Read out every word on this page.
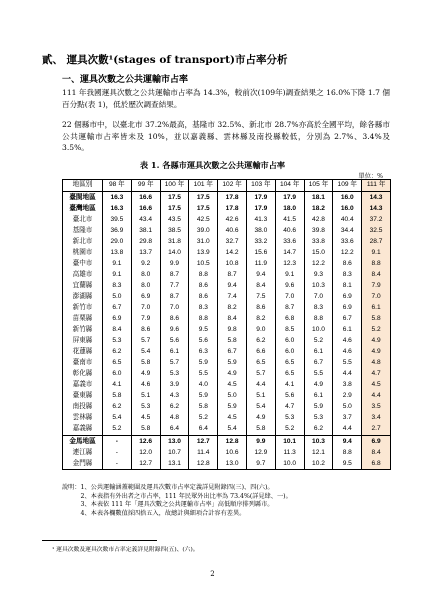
貳、 運具次數¹(stages of transport)市占率分析
一、運具次數之公共運輸市占率
111 年我國運具次數之公共運輸市占率為 14.3%，較前次(109年)調查結果之 16.0%下降 1.7 個百分點(表 1)，低於歷次調查結果。
22 個縣市中，以臺北市 37.2%最高，基隆市 32.5%、新北市 28.7%亦高於全國平均，餘各縣市公共運輸市占率皆未及 10%，並以嘉義縣、雲林縣及南投縣較低，分別為 2.7%、3.4%及 3.5%。
表 1. 各縣市運具次數之公共運輸市占率
單位：%
地區別	98 年	99 年	100 年	101 年	102 年	103 年	104 年	105 年	109 年	111 年
臺閩地區	16.3	16.6	17.5	17.5	17.8	17.9	17.9	18.1	16.0	14.3
臺灣地區	16.3	16.6	17.5	17.5	17.8	17.9	18.0	18.2	16.0	14.3
臺北市	39.5	43.4	43.5	42.5	42.6	41.3	41.5	42.8	40.4	37.2
基隆市	36.9	38.1	38.5	39.0	40.6	38.0	40.6	39.8	34.4	32.5
新北市	29.0	29.8	31.8	31.0	32.7	33.2	33.6	33.8	33.6	28.7
桃園市	13.8	13.7	14.0	13.9	14.2	15.6	14.7	15.0	12.2	9.1
臺中市	9.1	9.2	9.9	10.5	10.8	11.9	12.3	12.2	8.6	8.8
高雄市	9.1	8.0	8.7	8.8	8.7	9.4	9.1	9.3	8.3	8.4
宜蘭縣	8.3	8.0	7.7	8.6	9.4	8.4	9.6	10.3	8.1	7.9
澎湖縣	5.0	6.9	8.7	8.6	7.4	7.5	7.0	7.0	6.9	7.0
新竹市	6.7	7.0	7.0	8.3	8.2	8.6	8.7	8.3	6.9	6.1
苗栗縣	6.9	7.9	8.6	8.8	8.4	8.2	6.8	8.8	6.7	5.8
新竹縣	8.4	8.6	9.6	9.5	9.8	9.0	8.5	10.0	6.1	5.2
屏東縣	5.3	5.7	5.6	5.6	5.8	6.2	6.0	5.2	4.6	4.9
花蓮縣	6.2	5.4	6.1	6.3	6.7	6.6	6.0	6.1	4.6	4.9
臺南市	6.5	5.8	5.7	5.9	5.9	6.5	6.5	6.7	5.5	4.8
彰化縣	6.0	4.9	5.3	5.5	4.9	5.7	6.5	5.5	4.4	4.7
嘉義市	4.1	4.6	3.9	4.0	4.5	4.4	4.1	4.9	3.8	4.5
臺東縣	5.8	5.1	4.3	5.9	5.0	5.1	5.6	6.1	2.9	4.4
南投縣	6.2	5.3	6.2	5.8	5.9	5.4	4.7	5.9	5.0	3.5
雲林縣	5.4	4.5	4.8	5.2	4.5	4.9	5.3	5.3	3.7	3.4
嘉義縣	5.2	5.8	6.4	6.4	5.4	5.8	5.2	6.2	4.4	2.7
金馬地區	-	12.6	13.0	12.7	12.8	9.9	10.1	10.3	9.4	6.9
連江縣	-	12.0	10.7	11.4	10.6	12.9	11.3	12.1	8.8	8.4
金門縣	-	12.7	13.1	12.8	13.0	9.7	10.0	10.2	9.5	6.8
說明：1、公共運輸涵蓋範圍及運具次數市占率定義詳見附錄四(三)、四(六)。
　　　2、本表指有外出者之市占率，111 年民眾外出比率為 73.4%(詳見肆、一)。
　　　3、本表依 111 年「運具次數之公共運輸市占率」高低順序排列縣市。
　　　4、本表各欄數值採四捨五入，故總計與細項合計容有差異。
¹ 運具次數及運具次數市占率定義詳見附錄四(五)、(六)。
2
